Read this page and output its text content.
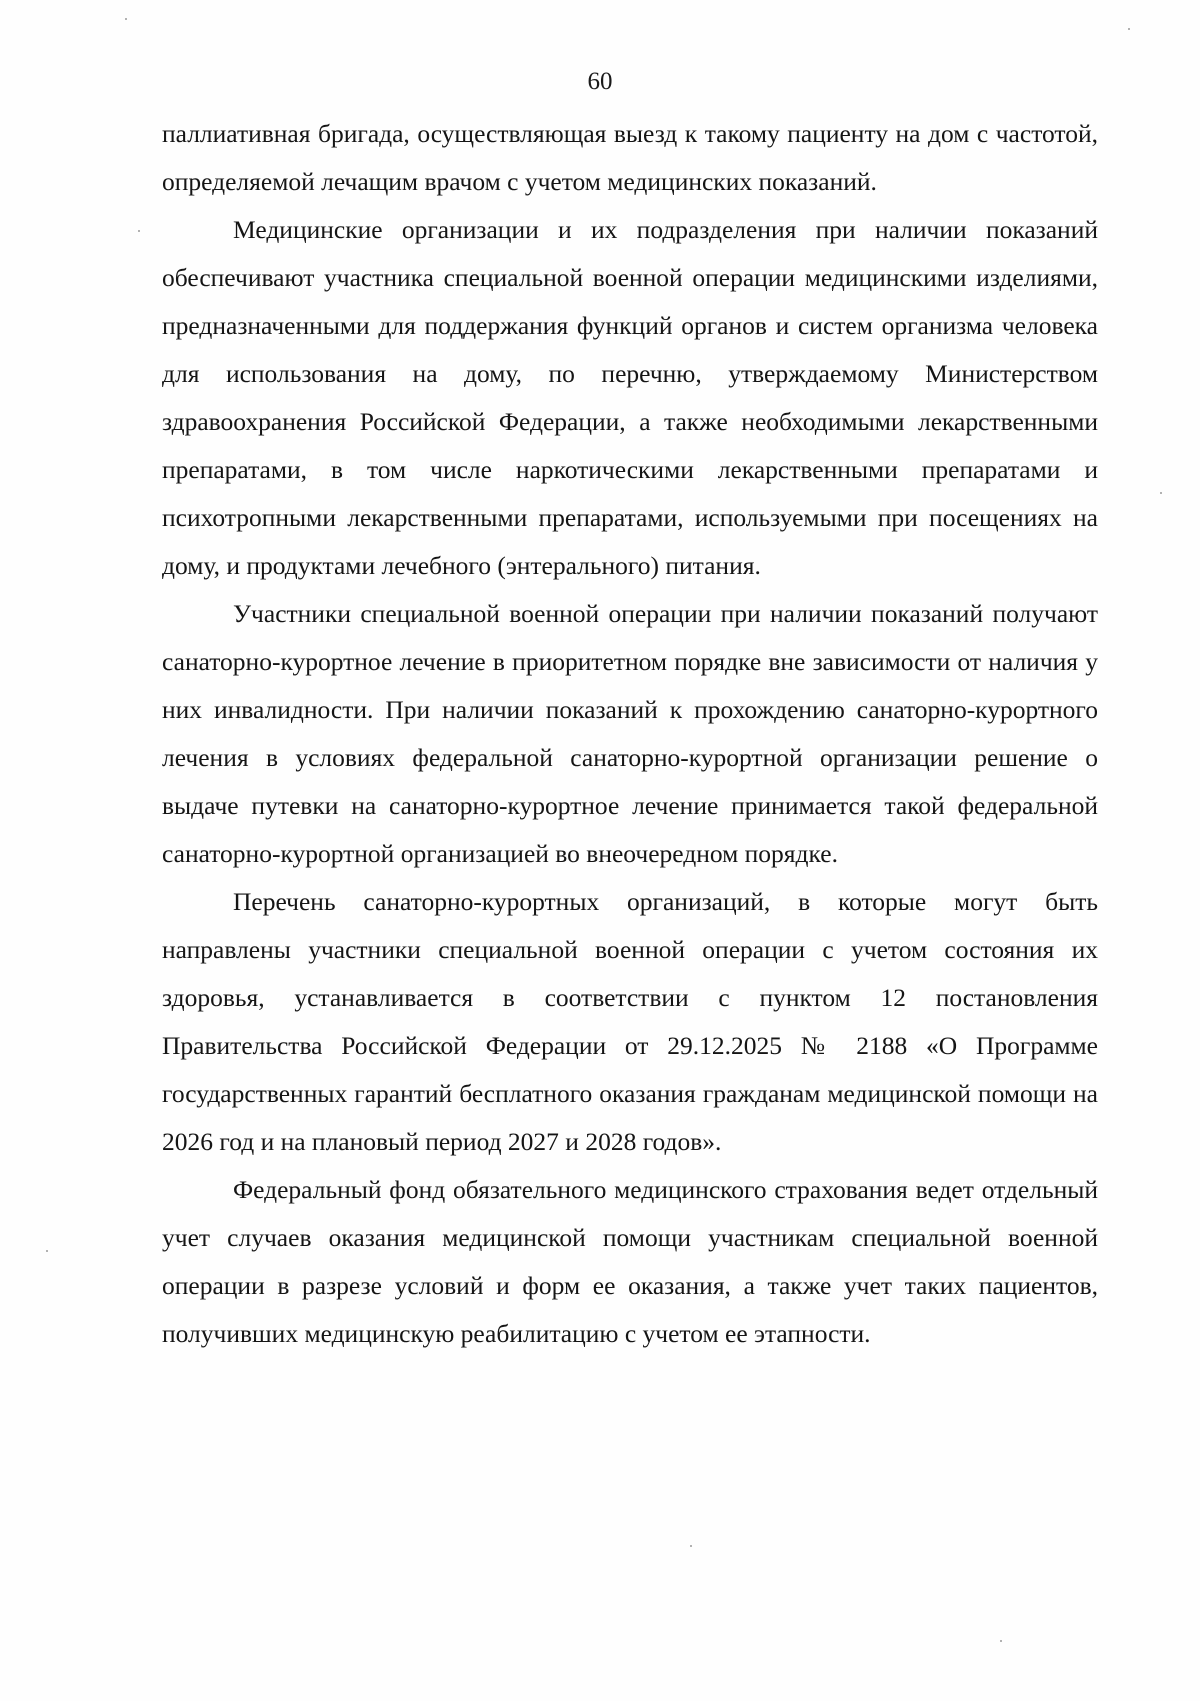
60

паллиативная бригада, осуществляющая выезд к такому пациенту на дом с частотой, определяемой лечащим врачом с учетом медицинских показаний.

Медицинские организации и их подразделения при наличии показаний обеспечивают участника специальной военной операции медицинскими изделиями, предназначенными для поддержания функций органов и систем организма человека для использования на дому, по перечню, утверждаемому Министерством здравоохранения Российской Федерации, а также необходимыми лекарственными препаратами, в том числе наркотическими лекарственными препаратами и психотропными лекарственными препаратами, используемыми при посещениях на дому, и продуктами лечебного (энтерального) питания.

Участники специальной военной операции при наличии показаний получают санаторно-курортное лечение в приоритетном порядке вне зависимости от наличия у них инвалидности. При наличии показаний к прохождению санаторно-курортного лечения в условиях федеральной санаторно-курортной организации решение о выдаче путевки на санаторно-курортное лечение принимается такой федеральной санаторно-курортной организацией во внеочередном порядке.

Перечень санаторно-курортных организаций, в которые могут быть направлены участники специальной военной операции с учетом состояния их здоровья, устанавливается в соответствии с пунктом 12 постановления Правительства Российской Федерации от 29.12.2025 № 2188 «О Программе государственных гарантий бесплатного оказания гражданам медицинской помощи на 2026 год и на плановый период 2027 и 2028 годов».

Федеральный фонд обязательного медицинского страхования ведет отдельный учет случаев оказания медицинской помощи участникам специальной военной операции в разрезе условий и форм ее оказания, а также учет таких пациентов, получивших медицинскую реабилитацию с учетом ее этапности.
